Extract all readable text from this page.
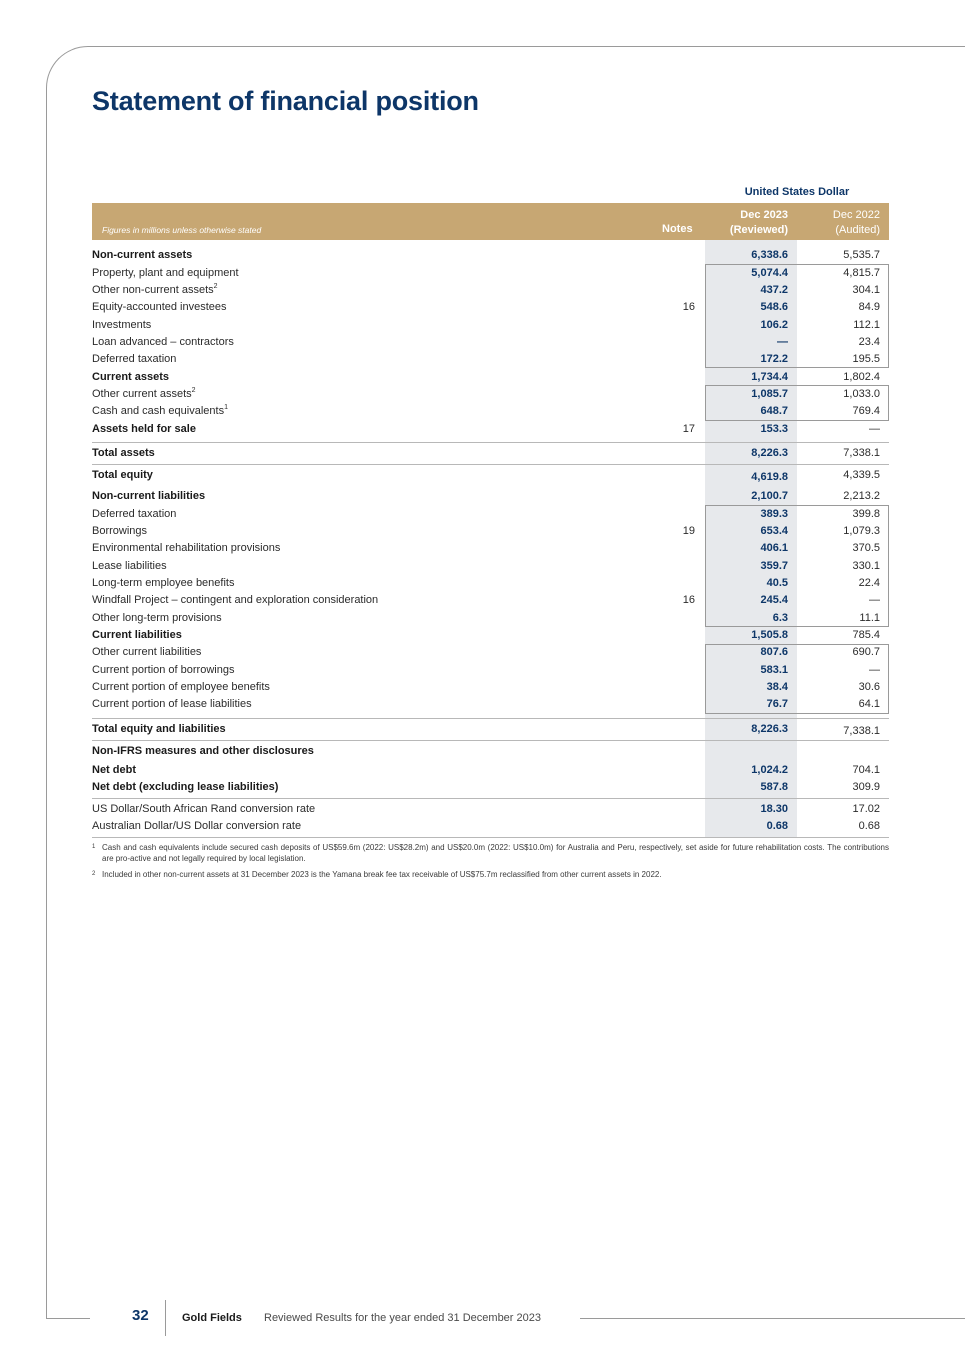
Statement of financial position
United States Dollar
Figures in millions unless otherwise stated	Notes
Dec 2023
(Reviewed)
Dec 2022
(Audited)
Non-current assets	6,338.6	5,535.7
Property, plant and equipment	5,074.4	4,815.7
Other non-current assets$^2$	437.2	304.1
Equity-accounted investees	16	548.6	84.9
Investments	106.2	112.1
Loan advanced – contractors	—	23.4
Deferred taxation	172.2	195.5
Current assets	1,734.4	1,802.4
Other current assets$^2$	1,085.7	1,033.0
Cash and cash equivalents$^1$	648.7	769.4
Assets held for sale	17	153.3	—
Total assets	8,226.3	7,338.1
Total equity	4,619.8	4,339.5
Non-current liabilities	2,100.7	2,213.2
Deferred taxation	389.3	399.8
Borrowings	19	653.4	1,079.3
Environmental rehabilitation provisions	406.1	370.5
Lease liabilities	359.7	330.1
Long-term employee benefits	40.5	22.4
Windfall Project – contingent and exploration consideration	16	245.4	—
Other long-term provisions	6.3	11.1
Current liabilities	1,505.8	785.4
Other current liabilities	807.6	690.7
Current portion of borrowings	583.1	—
Current portion of employee benefits	38.4	30.6
Current portion of lease liabilities	76.7	64.1
Total equity and liabilities	8,226.3	7,338.1
Non-IFRS measures and other disclosures
Net debt	1,024.2	704.1
Net debt (excluding lease liabilities)	587.8	309.9
US Dollar/South African Rand conversion rate	18.30	17.02
Australian Dollar/US Dollar conversion rate	0.68	0.68
1 Cash and cash equivalents include secured cash deposits of US$59.6m (2022: US$28.2m) and US$20.0m (2022: US$10.0m) for Australia and Peru, respectively, set aside for future rehabilitation costs. The contributions are pro-active and not legally required by local legislation.
2 Included in other non-current assets at 31 December 2023 is the Yamana break fee tax receivable of US$75.7m reclassified from other current assets in 2022.
32	Gold Fields Reviewed Results for the year ended 31 December 2023
